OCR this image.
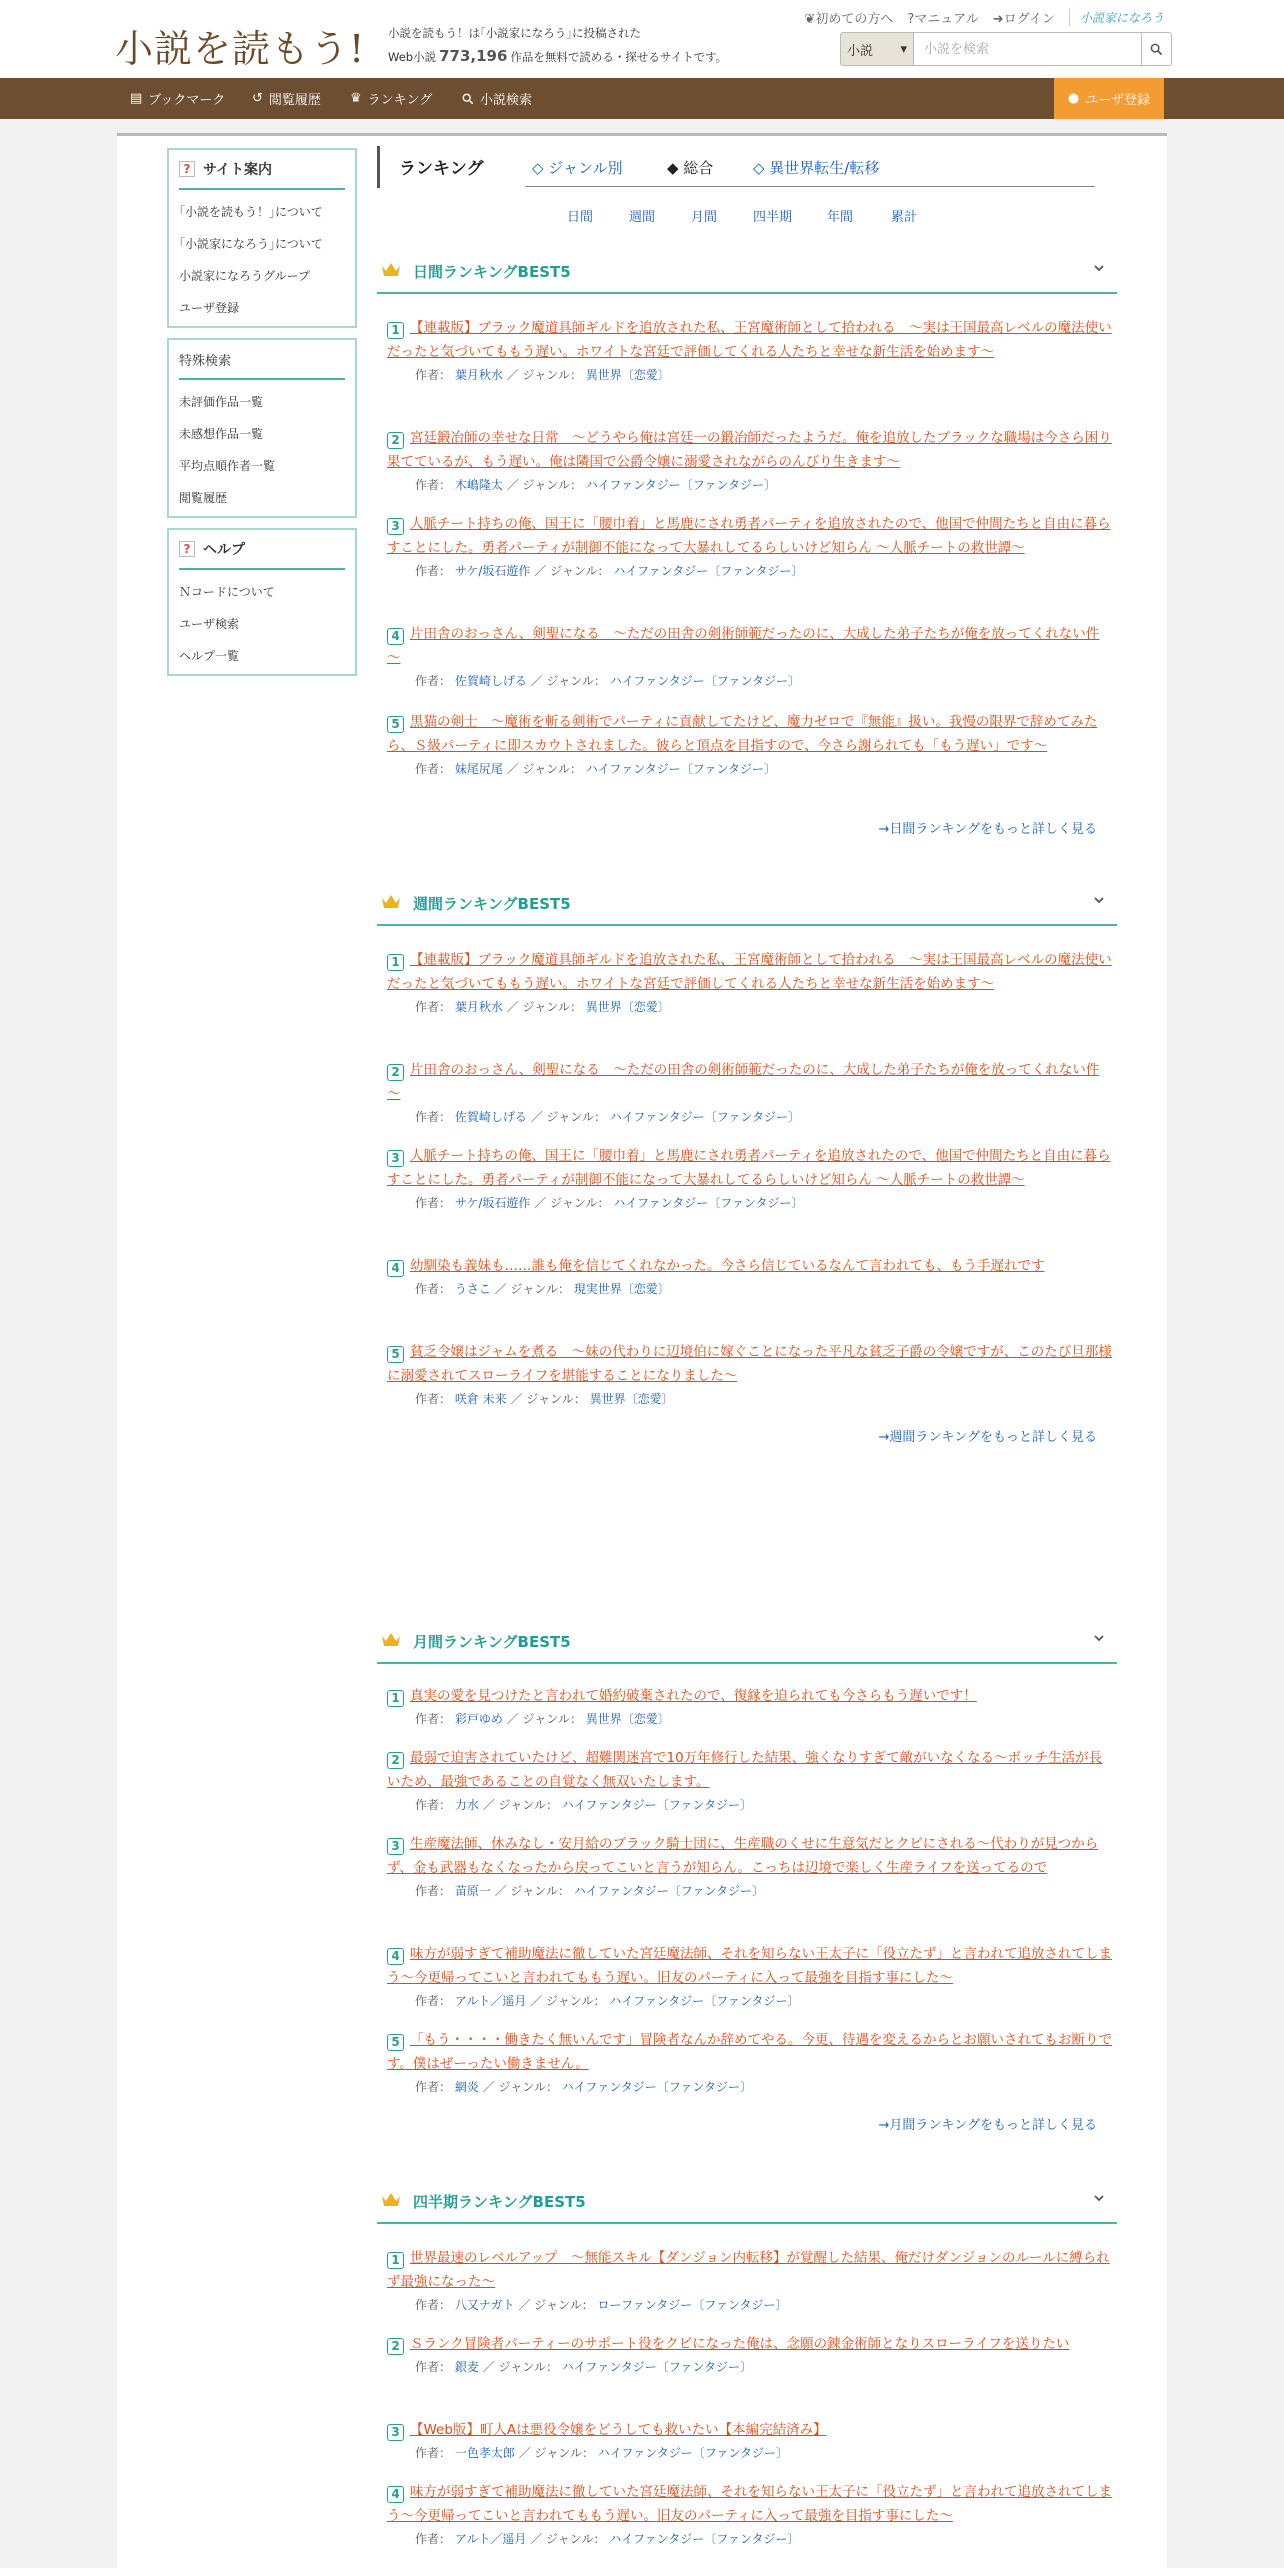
小説を読もう! 小説を読もう！は｢小説家になろう｣に投稿された
Web小説 773,196 作品を無料で読める・探せるサイトです。
❦初めての方へ ?マニュアル ➜ログイン	小説家になろう
小説 ▾
小説を検索
▤ ブックマーク ↺ 閲覧履歴 ♛ ランキング	小説検索	● ユーザ登録
? サイト案内
｢小説を読もう！｣について
｢小説家になろう｣について
小説家になろうグループ
ユーザ登録
特殊検索
未評価作品一覧
未感想作品一覧
平均点順作者一覧
閲覧履歴
? ヘルプ
Ｎコードについて
ユーザ検索
ヘルプ一覧
ランキング	◇ ジャンル別	◆ 総合	◇ 異世界転生/転移
日間	週間	月間	四半期	年間	累計
日間ランキングBEST5
1 【連載版】ブラック魔道具師ギルドを追放された私、王宮魔術師として拾われる　～実は王国最高レベルの魔法使いだったと気づいてももう遅い。ホワイトな宮廷で評価してくれる人たちと幸せな新生活を始めます～
作者： 葉月秋水 ／ ジャンル： 異世界〔恋愛〕
2 宮廷鍛冶師の幸せな日常　～どうやら俺は宮廷一の鍛冶師だったようだ。俺を追放したブラックな職場は今さら困り果てているが、もう遅い。俺は隣国で公爵令嬢に溺愛されながらのんびり生きます～
作者： 木嶋隆太 ／ ジャンル： ハイファンタジー〔ファンタジー〕
3 人脈チート持ちの俺、国王に「腰巾着」と馬鹿にされ勇者パーティを追放されたので、他国で仲間たちと自由に暮らすことにした。勇者パーティが制御不能になって大暴れしてるらしいけど知らん ～人脈チートの救世譚～
作者： サケ/坂石遊作 ／ ジャンル： ハイファンタジー〔ファンタジー〕
4 片田舎のおっさん、剣聖になる　～ただの田舎の剣術師範だったのに、大成した弟子たちが俺を放ってくれない件～
作者： 佐賀崎しげる ／ ジャンル： ハイファンタジー〔ファンタジー〕
5 黒猫の剣士　～魔術を斬る剣術でパーティに貢献してたけど、魔力ゼロで『無能』扱い。我慢の限界で辞めてみたら、Ｓ級パーティに即スカウトされました。彼らと頂点を目指すので、今さら謝られても「もう遅い」です～
作者： 妹尾尻尾 ／ ジャンル： ハイファンタジー〔ファンタジー〕
→日間ランキングをもっと詳しく見る
週間ランキングBEST5
1 【連載版】ブラック魔道具師ギルドを追放された私、王宮魔術師として拾われる　～実は王国最高レベルの魔法使いだったと気づいてももう遅い。ホワイトな宮廷で評価してくれる人たちと幸せな新生活を始めます～
作者： 葉月秋水 ／ ジャンル： 異世界〔恋愛〕
2 片田舎のおっさん、剣聖になる　～ただの田舎の剣術師範だったのに、大成した弟子たちが俺を放ってくれない件～
作者： 佐賀崎しげる ／ ジャンル： ハイファンタジー〔ファンタジー〕
3 人脈チート持ちの俺、国王に「腰巾着」と馬鹿にされ勇者パーティを追放されたので、他国で仲間たちと自由に暮らすことにした。勇者パーティが制御不能になって大暴れしてるらしいけど知らん ～人脈チートの救世譚～
作者： サケ/坂石遊作 ／ ジャンル： ハイファンタジー〔ファンタジー〕
4 幼馴染も義妹も……誰も俺を信じてくれなかった。今さら信じているなんて言われても、もう手遅れです
作者： うさこ ／ ジャンル： 現実世界〔恋愛〕
5 貧乏令嬢はジャムを煮る　～妹の代わりに辺境伯に嫁ぐことになった平凡な貧乏子爵の令嬢ですが、このたび旦那様に溺愛されてスローライフを堪能することになりました～
作者： 咲倉 未来 ／ ジャンル： 異世界〔恋愛〕
→週間ランキングをもっと詳しく見る
月間ランキングBEST5
1 真実の愛を見つけたと言われて婚約破棄されたので、復縁を迫られても今さらもう遅いです！
作者： 彩戸ゆめ ／ ジャンル： 異世界〔恋愛〕
2 最弱で迫害されていたけど、超難関迷宮で10万年修行した結果、強くなりすぎて敵がいなくなる～ボッチ生活が長いため、最強であることの自覚なく無双いたします。
作者： 力水 ／ ジャンル： ハイファンタジー〔ファンタジー〕
3 生産魔法師、休みなし・安月給のブラック騎士団に、生産職のくせに生意気だとクビにされる～代わりが見つからず、金も武器もなくなったから戻ってこいと言うが知らん。こっちは辺境で楽しく生産ライフを送ってるので
作者： 苗原一 ／ ジャンル： ハイファンタジー〔ファンタジー〕
4 味方が弱すぎて補助魔法に徹していた宮廷魔法師、それを知らない王太子に「役立たず」と言われて追放されてしまう～今更帰ってこいと言われてももう遅い。旧友のパーティに入って最強を目指す事にした～
作者： アルト／遥月 ／ ジャンル： ハイファンタジー〔ファンタジー〕
5 「もう・・・・働きたく無いんです」冒険者なんか辞めてやる。今更、待遇を変えるからとお願いされてもお断りです。僕はぜーったい働きません。
作者： 網炎 ／ ジャンル： ハイファンタジー〔ファンタジー〕
→月間ランキングをもっと詳しく見る
四半期ランキングBEST5
1 世界最速のレベルアップ　～無能スキル【ダンジョン内転移】が覚醒した結果、俺だけダンジョンのルールに縛られず最強になった～
作者： 八又ナガト ／ ジャンル： ローファンタジー〔ファンタジー〕
2 Ｓランク冒険者パーティーのサポート役をクビになった俺は、念願の錬金術師となりスローライフを送りたい
作者： 銀麦 ／ ジャンル： ハイファンタジー〔ファンタジー〕
3 【Web版】町人Aは悪役令嬢をどうしても救いたい【本編完結済み】
作者： 一色孝太郎 ／ ジャンル： ハイファンタジー〔ファンタジー〕
4 味方が弱すぎて補助魔法に徹していた宮廷魔法師、それを知らない王太子に「役立たず」と言われて追放されてしまう～今更帰ってこいと言われてももう遅い。旧友のパーティに入って最強を目指す事にした～
作者： アルト／遥月 ／ ジャンル： ハイファンタジー〔ファンタジー〕
